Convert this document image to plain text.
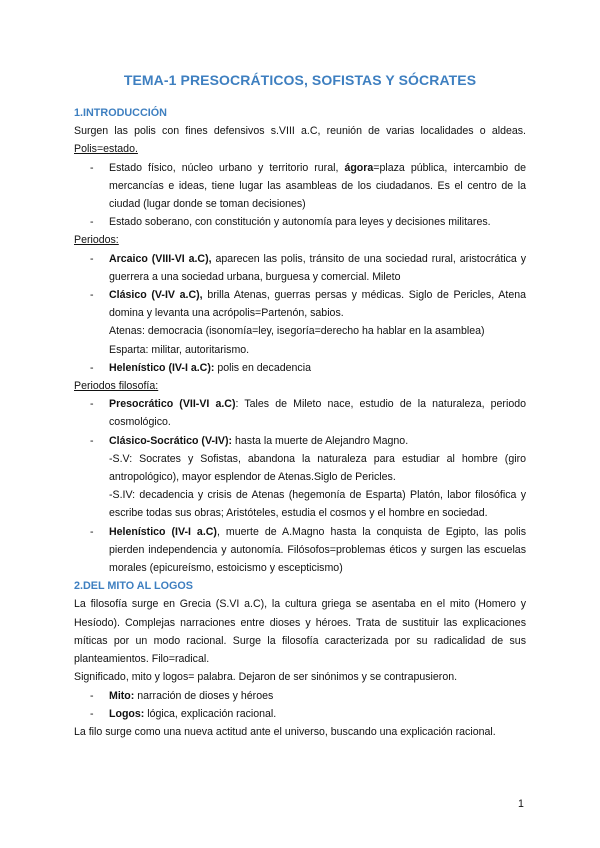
TEMA-1 PRESOCRÁTICOS, SOFISTAS Y SÓCRATES
1.INTRODUCCIÓN
Surgen las polis con fines defensivos s.VIII a.C, reunión de varias localidades o aldeas. Polis=estado.
- Estado físico, núcleo urbano y territorio rural, ágora=plaza pública, intercambio de mercancías e ideas, tiene lugar las asambleas de los ciudadanos. Es el centro de la ciudad (lugar donde se toman decisiones)
- Estado soberano, con constitución y autonomía para leyes y decisiones militares.
Periodos:
- Arcaico (VIII-VI a.C), aparecen las polis, tránsito de una sociedad rural, aristocrática y guerrera a una sociedad urbana, burguesa y comercial. Mileto
- Clásico (V-IV a.C), brilla Atenas, guerras persas y médicas. Siglo de Pericles, Atena domina y levanta una acrópolis=Partenón, sabios.
Atenas: democracia (isonomía=ley, isegoría=derecho ha hablar en la asamblea)
Esparta: militar, autoritarismo.
- Helenístico (IV-I a.C): polis en decadencia
Periodos filosofía:
- Presocrático (VII-VI a.C): Tales de Mileto nace, estudio de la naturaleza, periodo cosmológico.
- Clásico-Socrático (V-IV): hasta la muerte de Alejandro Magno.
-S.V: Socrates y Sofistas, abandona la naturaleza para estudiar al hombre (giro antropológico), mayor esplendor de Atenas.Siglo de Pericles.
-S.IV: decadencia y crisis de Atenas (hegemonía de Esparta) Platón, labor filosófica y escribe todas sus obras; Aristóteles, estudia el cosmos y el hombre en sociedad.
- Helenístico (IV-I a.C), muerte de A.Magno hasta la conquista de Egipto, las polis pierden independencia y autonomía. Filósofos=problemas éticos y surgen las escuelas morales (epicureísmo, estoicismo y escepticismo)
2.DEL MITO AL LOGOS
La filosofía surge en Grecia (S.VI a.C), la cultura griega se asentaba en el mito (Homero y Hesíodo). Complejas narraciones entre dioses y héroes. Trata de sustituir las explicaciones míticas por un modo racional. Surge la filosofía caracterizada por su radicalidad de sus planteamientos. Filo=radical.
Significado, mito y logos= palabra. Dejaron de ser sinónimos y se contrapusieron.
- Mito: narración de dioses y héroes
- Logos: lógica, explicación racional.
La filo surge como una nueva actitud ante el universo, buscando una explicación racional.
1
